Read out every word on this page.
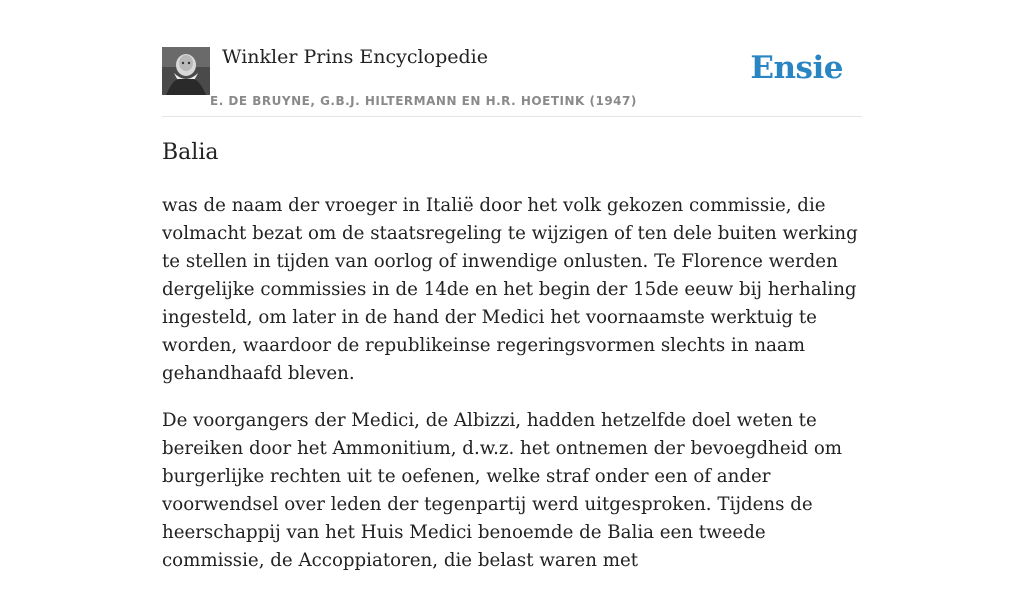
Winkler Prins Encyclopedie
E. DE BRUYNE, G.B.J. HILTERMANN EN H.R. HOETINK (1947)
Ensie
Balia

was de naam der vroeger in Italië door het volk gekozen commissie, die volmacht bezat om de staatsregeling te wijzigen of ten dele buiten werking te stellen in tijden van oorlog of inwendige onlusten. Te Florence werden dergelijke commissies in de 14de en het begin der 15de eeuw bij herhaling ingesteld, om later in de hand der Medici het voornaamste werktuig te worden, waardoor de republikeinse regeringsvormen slechts in naam gehandhaafd bleven.

De voorgangers der Medici, de Albizzi, hadden hetzelfde doel weten te bereiken door het Ammonitium, d.w.z. het ontnemen der bevoegdheid om burgerlijke rechten uit te oefenen, welke straf onder een of ander voorwendsel over leden der tegenpartij werd uitgesproken. Tijdens de heerschappij van het Huis Medici benoemde de Balia een tweede commissie, de Accoppiatoren, die belast waren met
